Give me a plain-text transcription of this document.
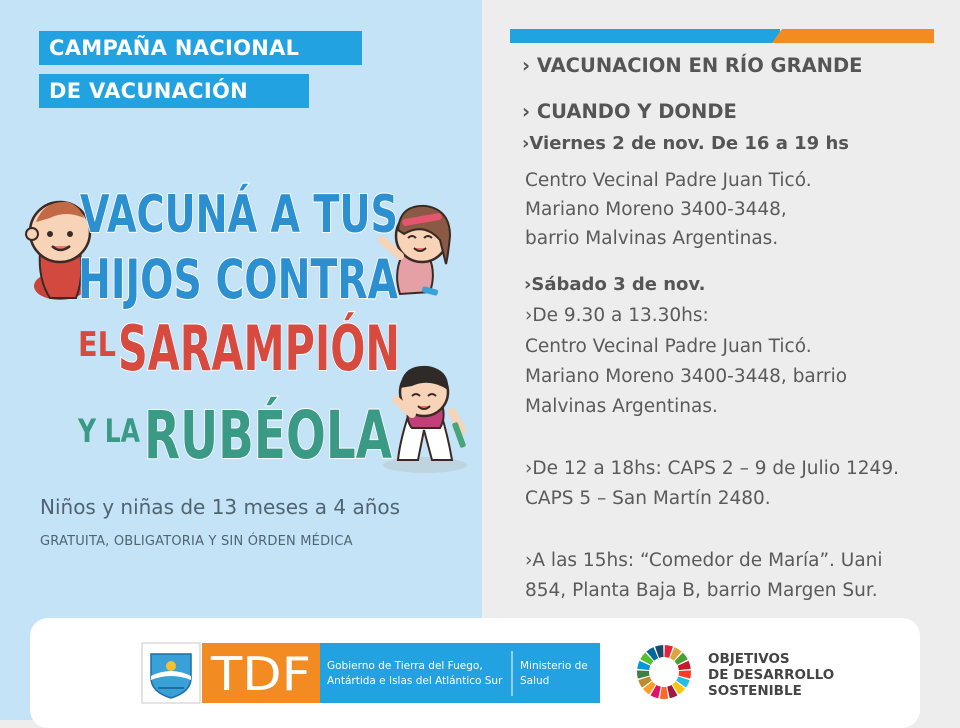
CAMPAÑA NACIONAL
DE VACUNACIÓN
VACUNÁ A TUS
HIJOS CONTRA
EL SARAMPIÓN
Y LA RUBÉOLA
Niños y niñas de 13 meses a 4 años
GRATUITA, OBLIGATORIA Y SIN ÓRDEN MÉDICA
› VACUNACION EN RÍO GRANDE
› CUANDO Y DONDE
›Viernes 2 de nov. De 16 a 19 hs
Centro Vecinal Padre Juan Ticó.
Mariano Moreno 3400-3448,
barrio Malvinas Argentinas.
›Sábado 3 de nov.
›De 9.30 a 13.30hs:
Centro Vecinal Padre Juan Ticó.
Mariano Moreno 3400-3448, barrio
Malvinas Argentinas.
›De 12 a 18hs: CAPS 2 – 9 de Julio 1249.
CAPS 5 – San Martín 2480.
›A las 15hs: “Comedor de María”. Uani
854, Planta Baja B, barrio Margen Sur.
TDF Gobierno de Tierra del Fuego,
Antártida e Islas del Atlántico Sur
Ministerio de
Salud
OBJETIVOS
DE DESARROLLO
SOSTENIBLE
